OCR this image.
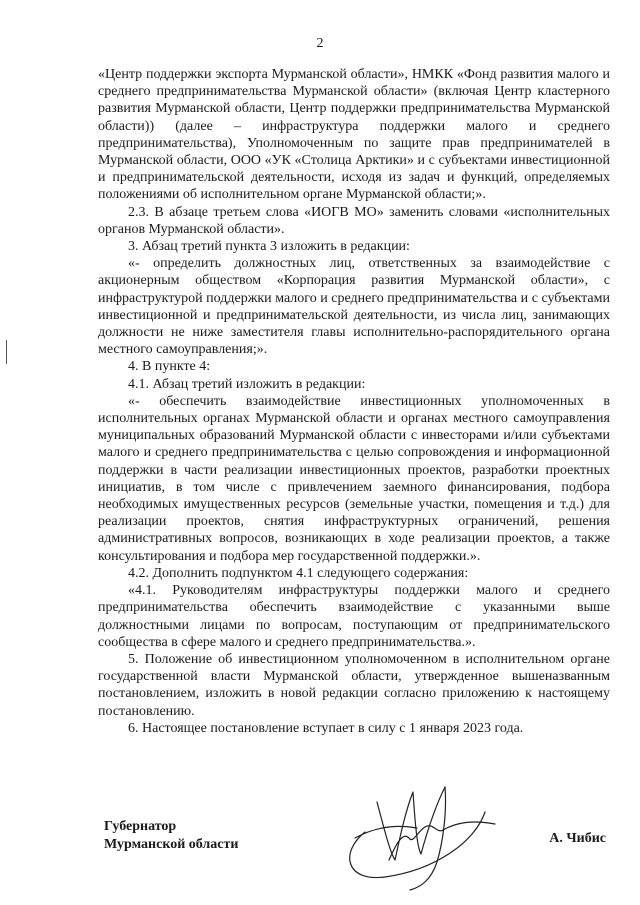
2

«Центр поддержки экспорта Мурманской области», НМКК «Фонд развития малого и среднего предпринимательства Мурманской области» (включая Центр кластерного развития Мурманской области, Центр поддержки предпринимательства Мурманской области)) (далее – инфраструктура поддержки малого и среднего предпринимательства), Уполномоченным по защите прав предпринимателей в Мурманской области, ООО «УК «Столица Арктики» и с субъектами инвестиционной и предпринимательской деятельности, исходя из задач и функций, определяемых положениями об исполнительном органе Мурманской области;».

2.3. В абзаце третьем слова «ИОГВ МО» заменить словами «исполнительных органов Мурманской области».

3. Абзац третий пункта 3 изложить в редакции:

«- определить должностных лиц, ответственных за взаимодействие с акционерным обществом «Корпорация развития Мурманской области», с инфраструктурой поддержки малого и среднего предпринимательства и с субъектами инвестиционной и предпринимательской деятельности, из числа лиц, занимающих должности не ниже заместителя главы исполнительно-распорядительного органа местного самоуправления;».

4. В пункте 4:

4.1. Абзац третий изложить в редакции:

«- обеспечить взаимодействие инвестиционных уполномоченных в исполнительных органах Мурманской области и органах местного самоуправления муниципальных образований Мурманской области с инвесторами и/или субъектами малого и среднего предпринимательства с целью сопровождения и информационной поддержки в части реализации инвестиционных проектов, разработки проектных инициатив, в том числе с привлечением заемного финансирования, подбора необходимых имущественных ресурсов (земельные участки, помещения и т.д.) для реализации проектов, снятия инфраструктурных ограничений, решения административных вопросов, возникающих в ходе реализации проектов, а также консультирования и подбора мер государственной поддержки.».

4.2. Дополнить подпунктом 4.1 следующего содержания:

«4.1. Руководителям инфраструктуры поддержки малого и среднего предпринимательства обеспечить взаимодействие с указанными выше должностными лицами по вопросам, поступающим от предпринимательского сообщества в сфере малого и среднего предпринимательства.».

5. Положение об инвестиционном уполномоченном в исполнительном органе государственной власти Мурманской области, утвержденное вышеназванным постановлением, изложить в новой редакции согласно приложению к настоящему постановлению.

6. Настоящее постановление вступает в силу с 1 января 2023 года.

Губернатор
Мурманской области	А. Чибис
